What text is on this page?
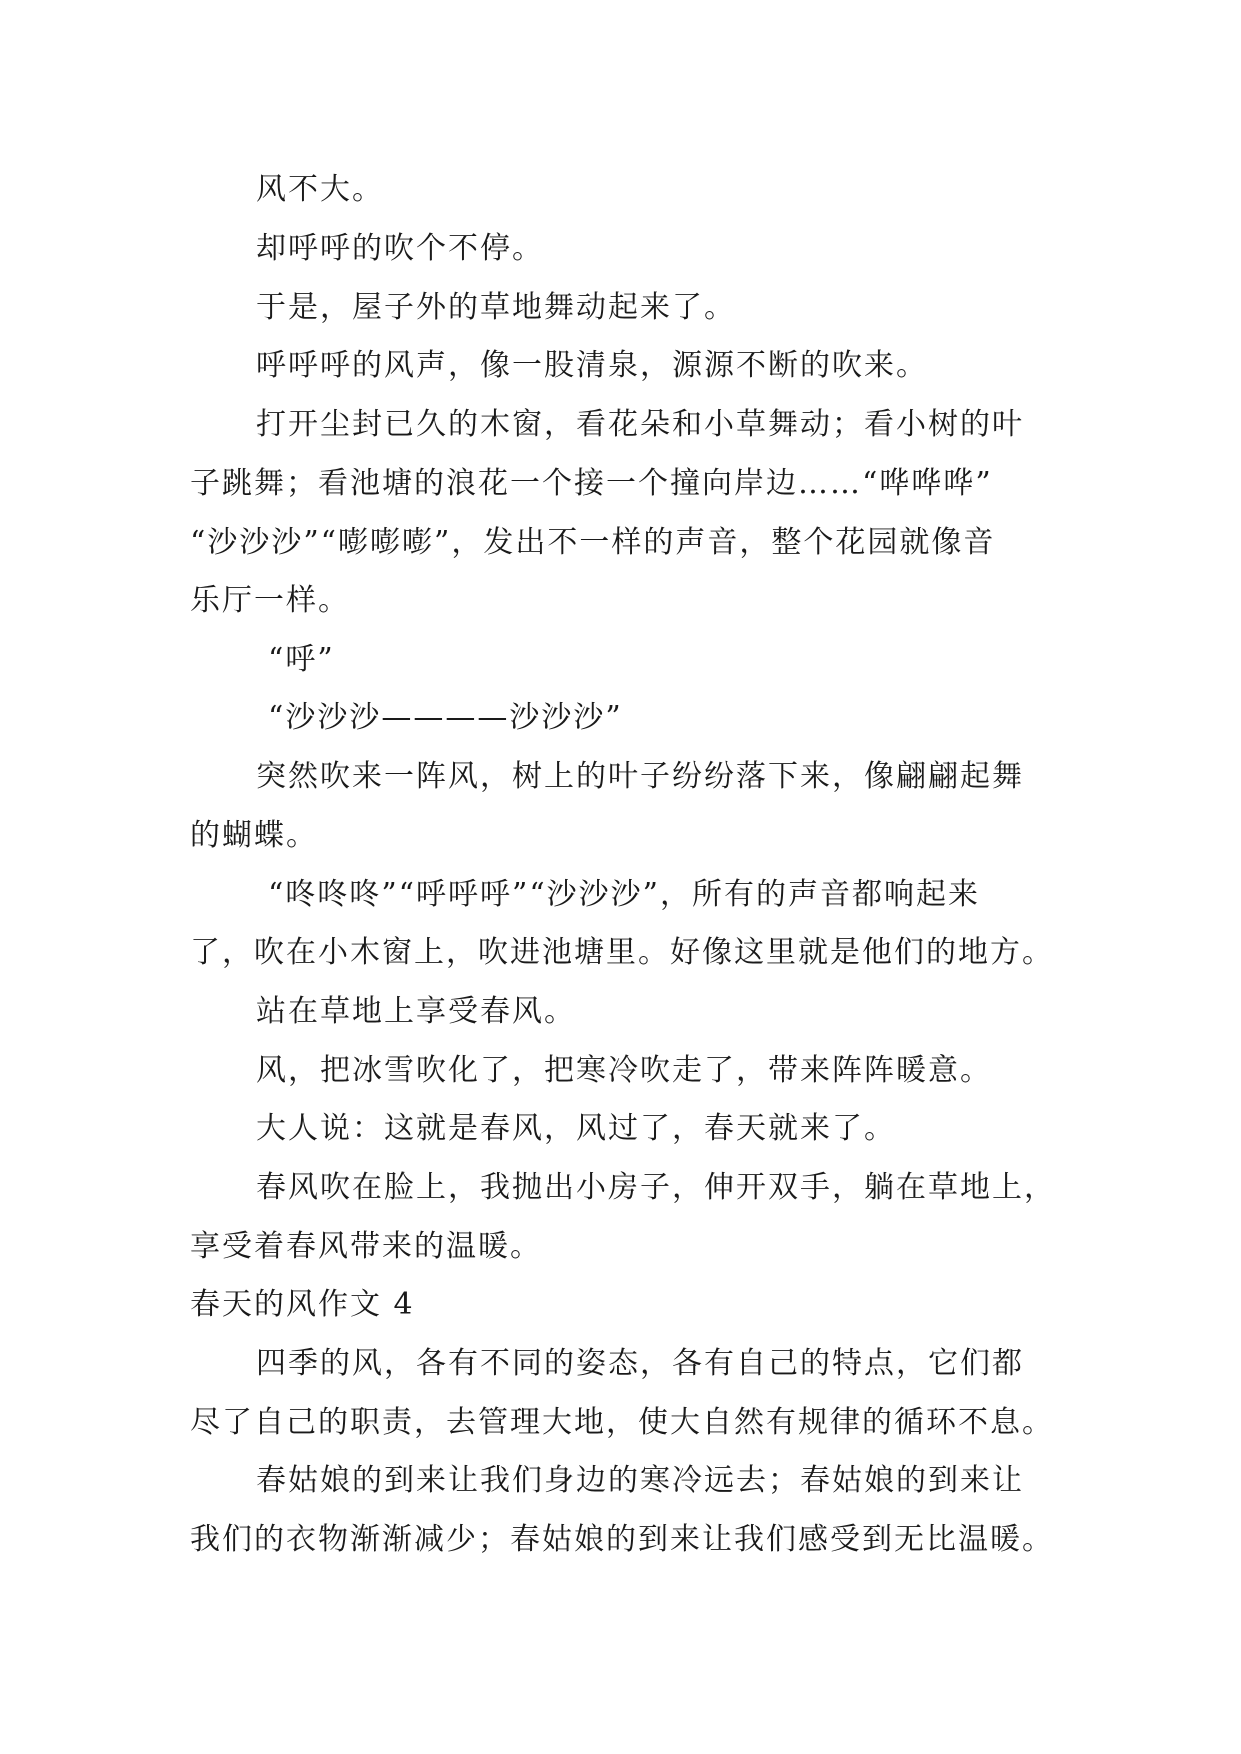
风不大。
却呼呼的吹个不停。
于是，屋子外的草地舞动起来了。
呼呼呼的风声，像一股清泉，源源不断的吹来。
打开尘封已久的木窗，看花朵和小草舞动；看小树的叶
子跳舞；看池塘的浪花一个接一个撞向岸边……“哗哗哗”
“沙沙沙”“嘭嘭嘭”，发出不一样的声音，整个花园就像音
乐厅一样。
“呼”
“沙沙沙————沙沙沙”
突然吹来一阵风，树上的叶子纷纷落下来，像翩翩起舞
的蝴蝶。
“咚咚咚”“呼呼呼”“沙沙沙”，所有的声音都响起来
了，吹在小木窗上，吹进池塘里。好像这里就是他们的地方。
站在草地上享受春风。
风，把冰雪吹化了，把寒冷吹走了，带来阵阵暖意。
大人说：这就是春风，风过了，春天就来了。
春风吹在脸上，我抛出小房子，伸开双手，躺在草地上，
享受着春风带来的温暖。
春天的风作文 4
四季的风，各有不同的姿态，各有自己的特点，它们都
尽了自己的职责，去管理大地，使大自然有规律的循环不息。
春姑娘的到来让我们身边的寒冷远去；春姑娘的到来让
我们的衣物渐渐减少；春姑娘的到来让我们感受到无比温暖。
